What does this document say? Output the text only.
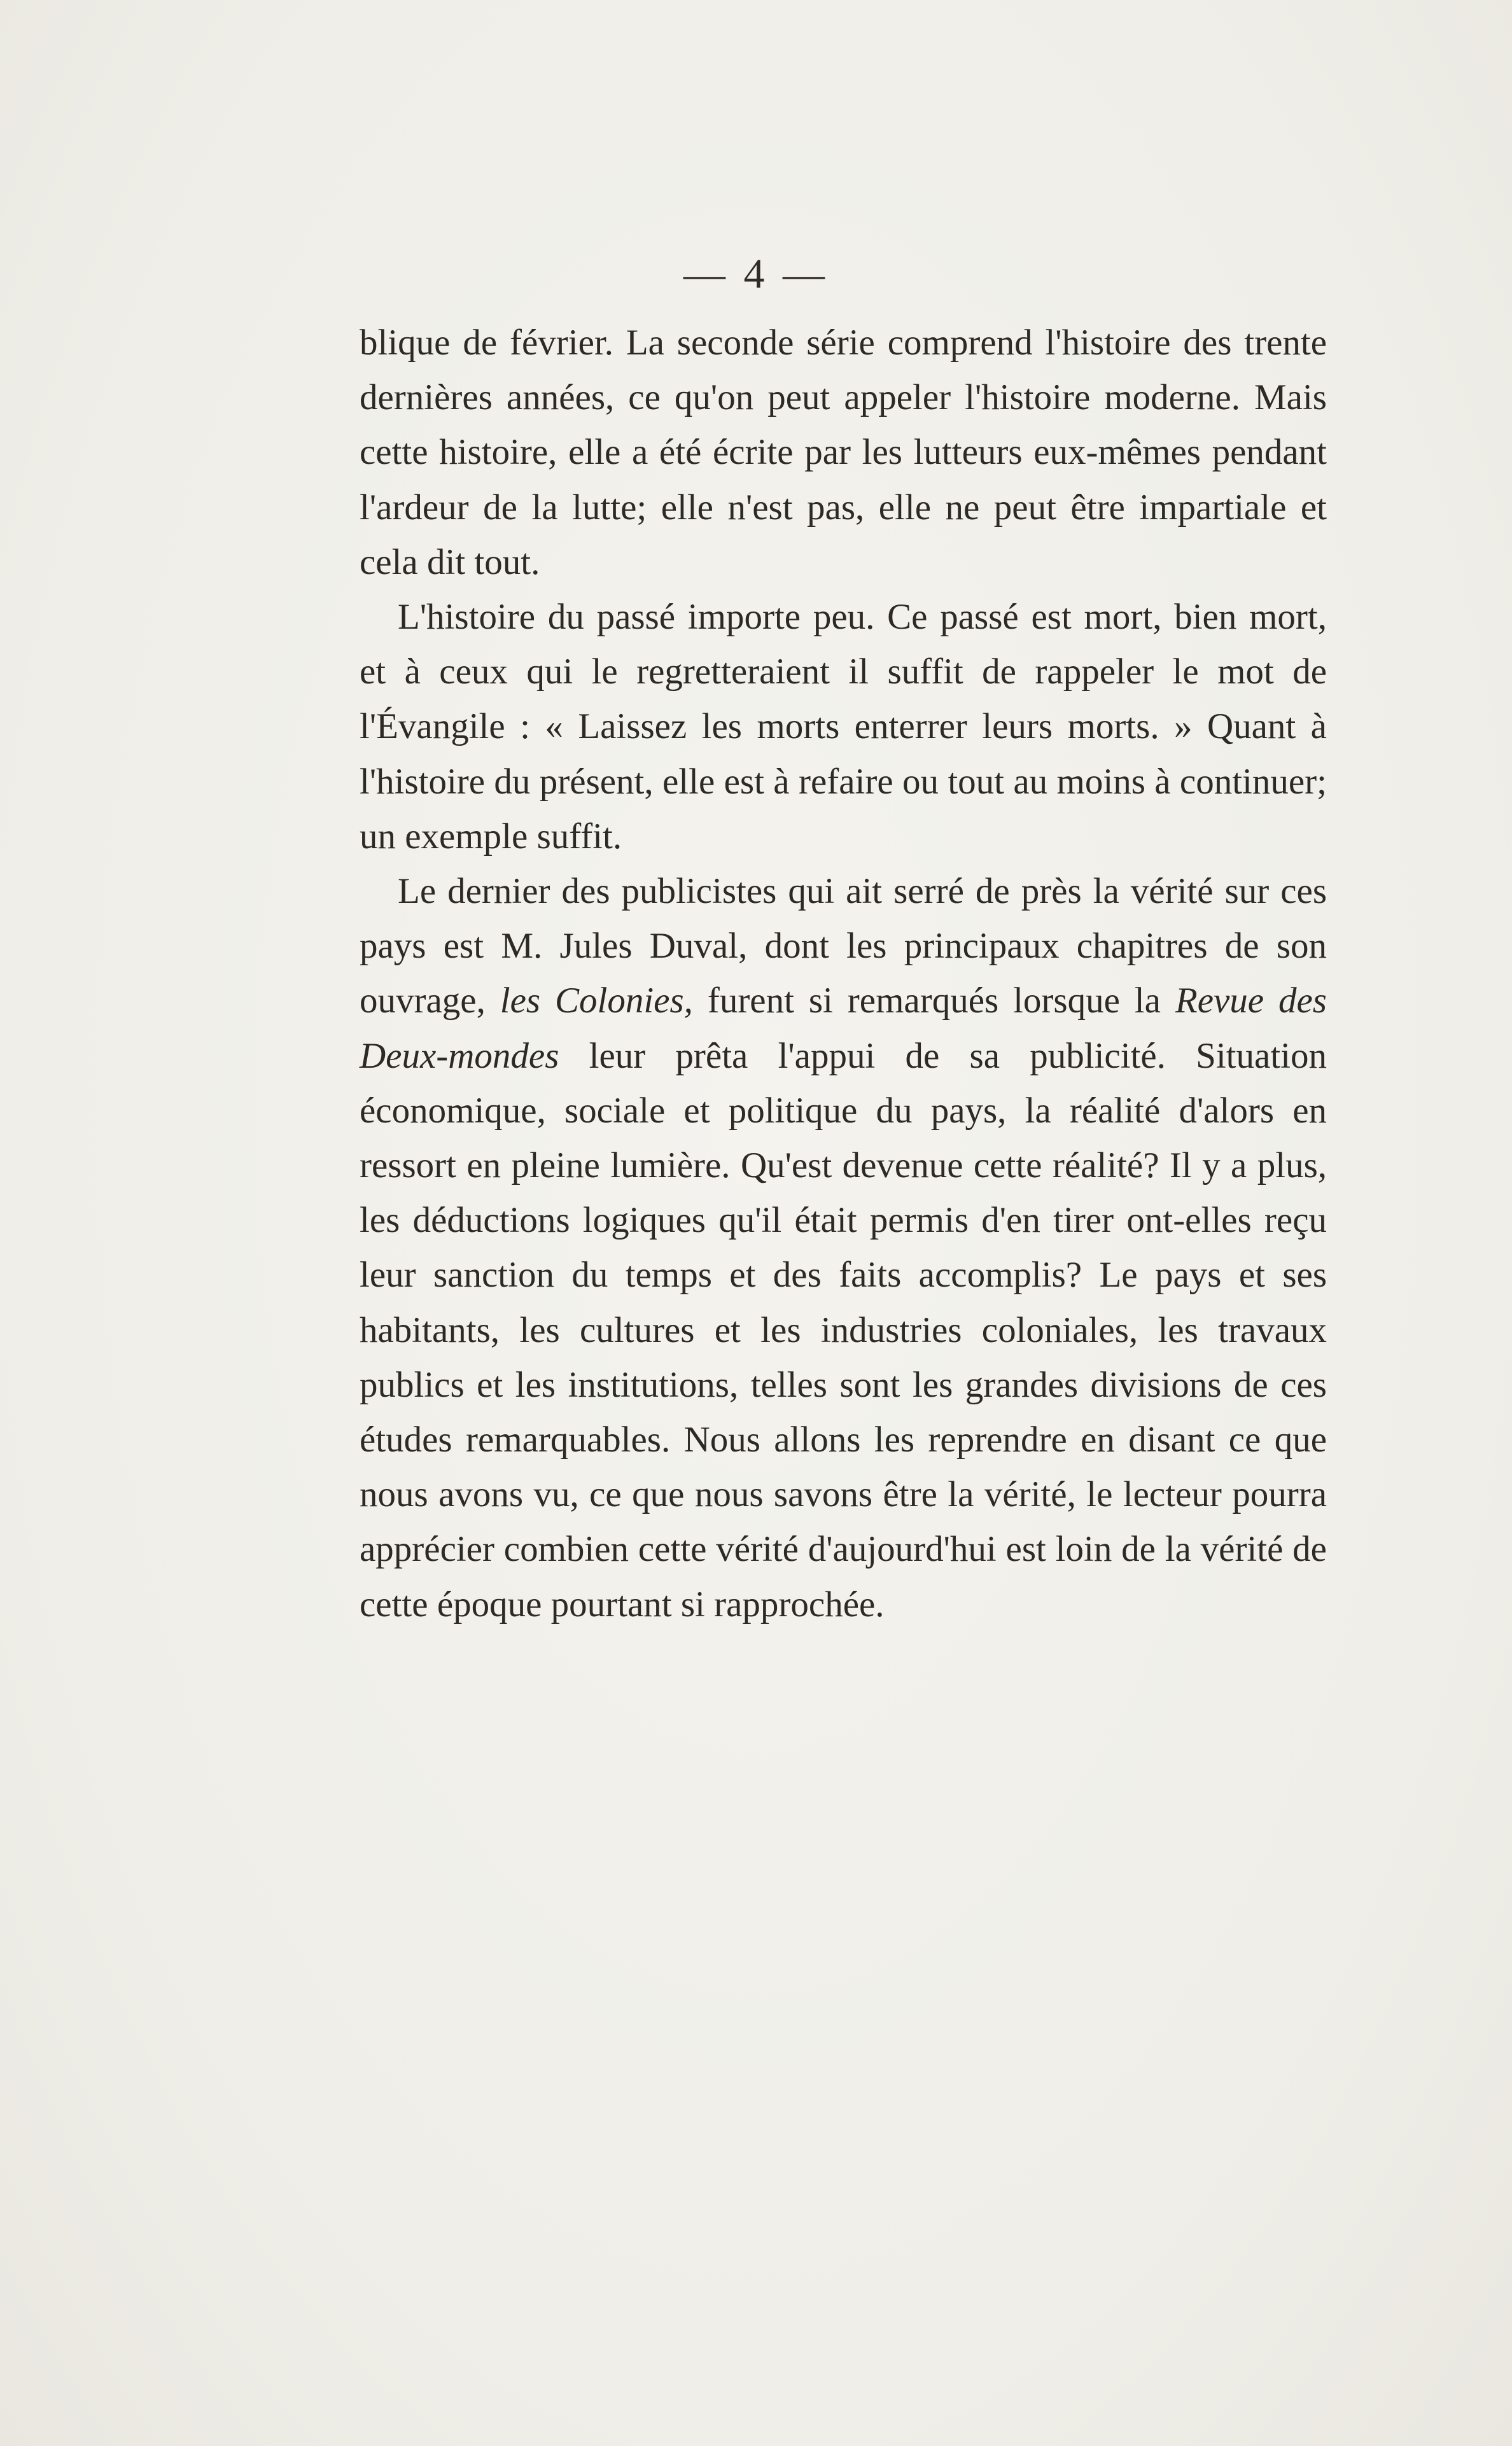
— 4 —

blique de février. La seconde série comprend l'histoire des trente dernières années, ce qu'on peut appeler l'histoire moderne. Mais cette histoire, elle a été écrite par les lutteurs eux-mêmes pendant l'ardeur de la lutte; elle n'est pas, elle ne peut être impartiale et cela dit tout.

L'histoire du passé importe peu. Ce passé est mort, bien mort, et à ceux qui le regretteraient il suffit de rappeler le mot de l'Évangile : « Laissez les morts enterrer leurs morts. » Quant à l'histoire du présent, elle est à refaire ou tout au moins à continuer; un exemple suffit.

Le dernier des publicistes qui ait serré de près la vérité sur ces pays est M. Jules Duval, dont les principaux chapitres de son ouvrage, les Colonies, furent si remarqués lorsque la Revue des Deux-mondes leur prêta l'appui de sa publicité. Situation économique, sociale et politique du pays, la réalité d'alors en ressort en pleine lumière. Qu'est devenue cette réalité? Il y a plus, les déductions logiques qu'il était permis d'en tirer ont-elles reçu leur sanction du temps et des faits accomplis? Le pays et ses habitants, les cultures et les industries coloniales, les travaux publics et les institutions, telles sont les grandes divisions de ces études remarquables. Nous allons les reprendre en disant ce que nous avons vu, ce que nous savons être la vérité, le lecteur pourra apprécier combien cette vérité d'aujourd'hui est loin de la vérité de cette époque pourtant si rapprochée.
